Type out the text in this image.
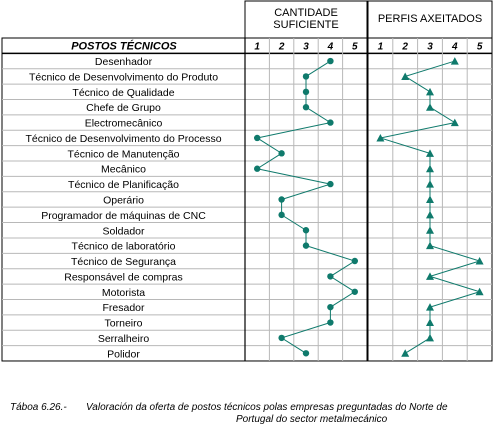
CANTIDADE
SUFICIENTE	PERFIS AXEITADOS
POSTOS TÉCNICOS	1 2 3 4 5 1 2 3 4 5
Desenhador
Técnico de Desenvolvimento do Produto
Técnico de Qualidade
Chefe de Grupo
Electromecânico
Técnico de Desenvolvimento do Processo
Técnico de Manutenção
Mecânico
Técnico de Planificação
Operário
Programador de máquinas de CNC
Soldador
Técnico de laboratório
Técnico de Segurança
Responsável de compras
Motorista
Fresador
Torneiro
Serralheiro
Polidor
Táboa 6.26.- Valoración da oferta de postos técnicos polas empresas preguntadas do Norte de
Portugal do sector metalmecánico
